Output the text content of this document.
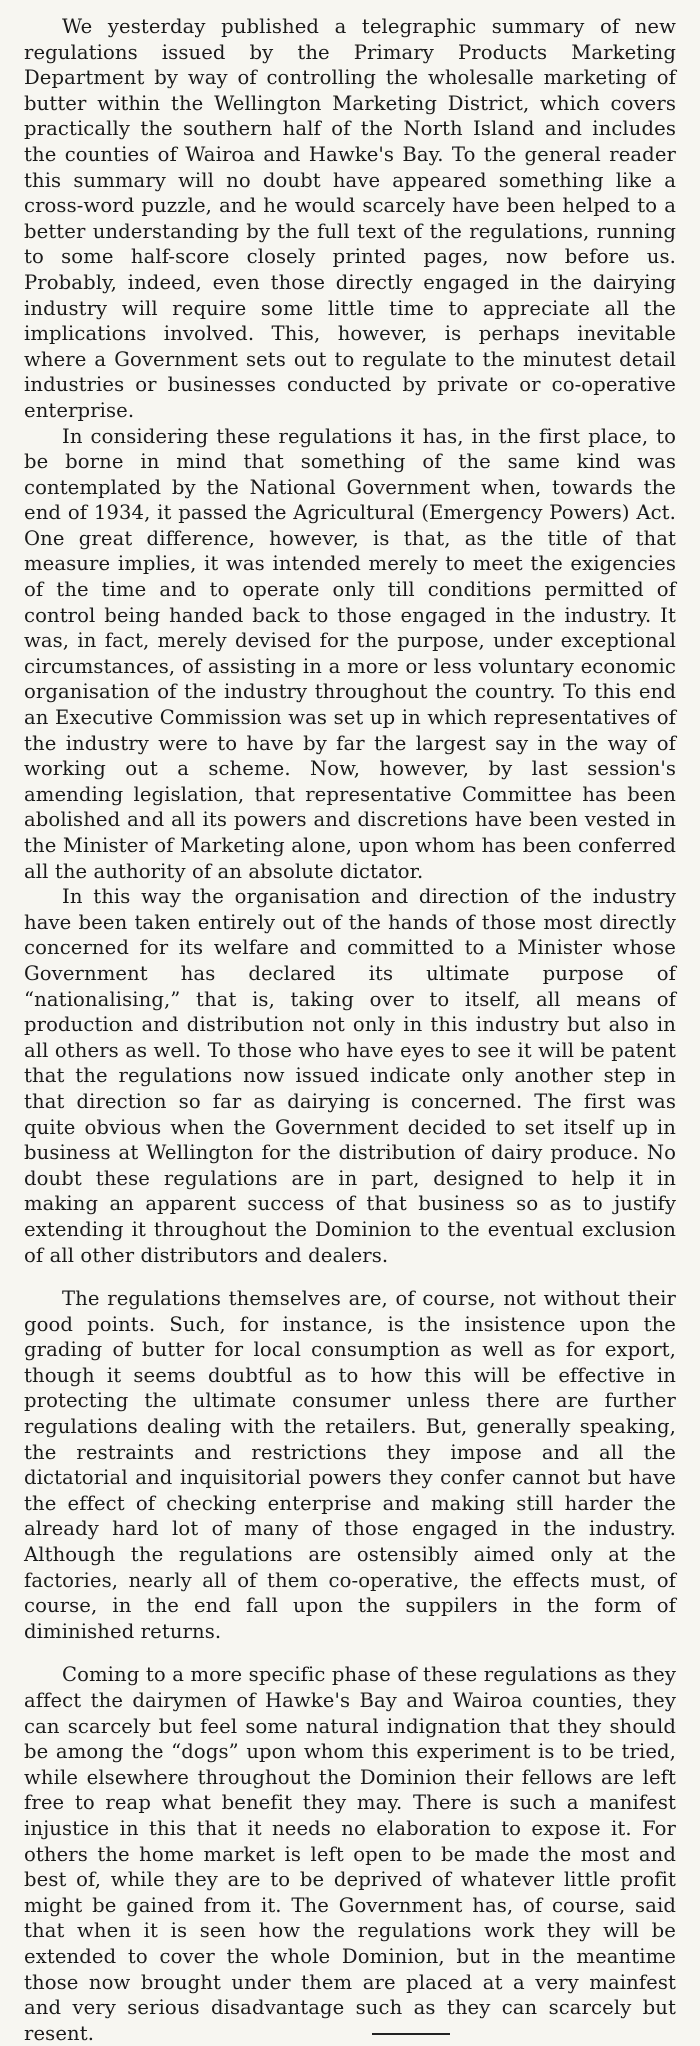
We yesterday published a telegraphic summary of new regulations issued by the Primary Products Marketing Department by way of controlling the wholesalle marketing of butter within the Wellington Marketing District, which covers practically the southern half of the North Island and includes the counties of Wairoa and Hawke's Bay. To the general reader this summary will no doubt have appeared something like a cross-word puzzle, and he would scarcely have been helped to a better understanding by the full text of the regulations, running to some half-score closely printed pages, now before us. Probably, indeed, even those directly engaged in the dairying industry will require some little time to appreciate all the implications involved. This, however, is perhaps inevitable where a Government sets out to regulate to the minutest detail industries or businesses conducted by private or co-operative enterprise.

In considering these regulations it has, in the first place, to be borne in mind that something of the same kind was contemplated by the National Government when, towards the end of 1934, it passed the Agricultural (Emergency Powers) Act. One great difference, however, is that, as the title of that measure implies, it was intended merely to meet the exigencies of the time and to operate only till conditions permitted of control being handed back to those engaged in the industry. It was, in fact, merely devised for the purpose, under exceptional circumstances, of assisting in a more or less voluntary economic organisation of the industry throughout the country. To this end an Executive Commission was set up in which representatives of the industry were to have by far the largest say in the way of working out a scheme. Now, however, by last session's amending legislation, that representative Committee has been abolished and all its powers and discretions have been vested in the Minister of Marketing alone, upon whom has been conferred all the authority of an absolute dictator.

In this way the organisation and direction of the industry have been taken entirely out of the hands of those most directly concerned for its welfare and committed to a Minister whose Government has declared its ultimate purpose of “nationalising,” that is, taking over to itself, all means of production and distribution not only in this industry but also in all others as well. To those who have eyes to see it will be patent that the regulations now issued indicate only another step in that direction so far as dairying is concerned. The first was quite obvious when the Government decided to set itself up in business at Wellington for the distribution of dairy produce. No doubt these regulations are in part, designed to help it in making an apparent success of that business so as to justify extending it throughout the Dominion to the eventual exclusion of all other distributors and dealers.

The regulations themselves are, of course, not without their good points. Such, for instance, is the insistence upon the grading of butter for local consumption as well as for export, though it seems doubtful as to how this will be effective in protecting the ultimate consumer unless there are further regulations dealing with the retailers. But, generally speaking, the restraints and restrictions they impose and all the dictatorial and inquisitorial powers they confer cannot but have the effect of checking enterprise and making still harder the already hard lot of many of those engaged in the industry. Although the regulations are ostensibly aimed only at the factories, nearly all of them co-operative, the effects must, of course, in the end fall upon the suppilers in the form of diminished returns.

Coming to a more specific phase of these regulations as they affect the dairymen of Hawke's Bay and Wairoa counties, they can scarcely but feel some natural indignation that they should be among the “dogs” upon whom this experiment is to be tried, while elsewhere throughout the Dominion their fellows are left free to reap what benefit they may. There is such a manifest injustice in this that it needs no elaboration to expose it. For others the home market is left open to be made the most and best of, while they are to be deprived of whatever little profit might be gained from it. The Government has, of course, said that when it is seen how the regulations work they will be extended to cover the whole Dominion, but in the meantime those now brought under them are placed at a very mainfest and very serious disadvantage such as they can scarcely but resent.
